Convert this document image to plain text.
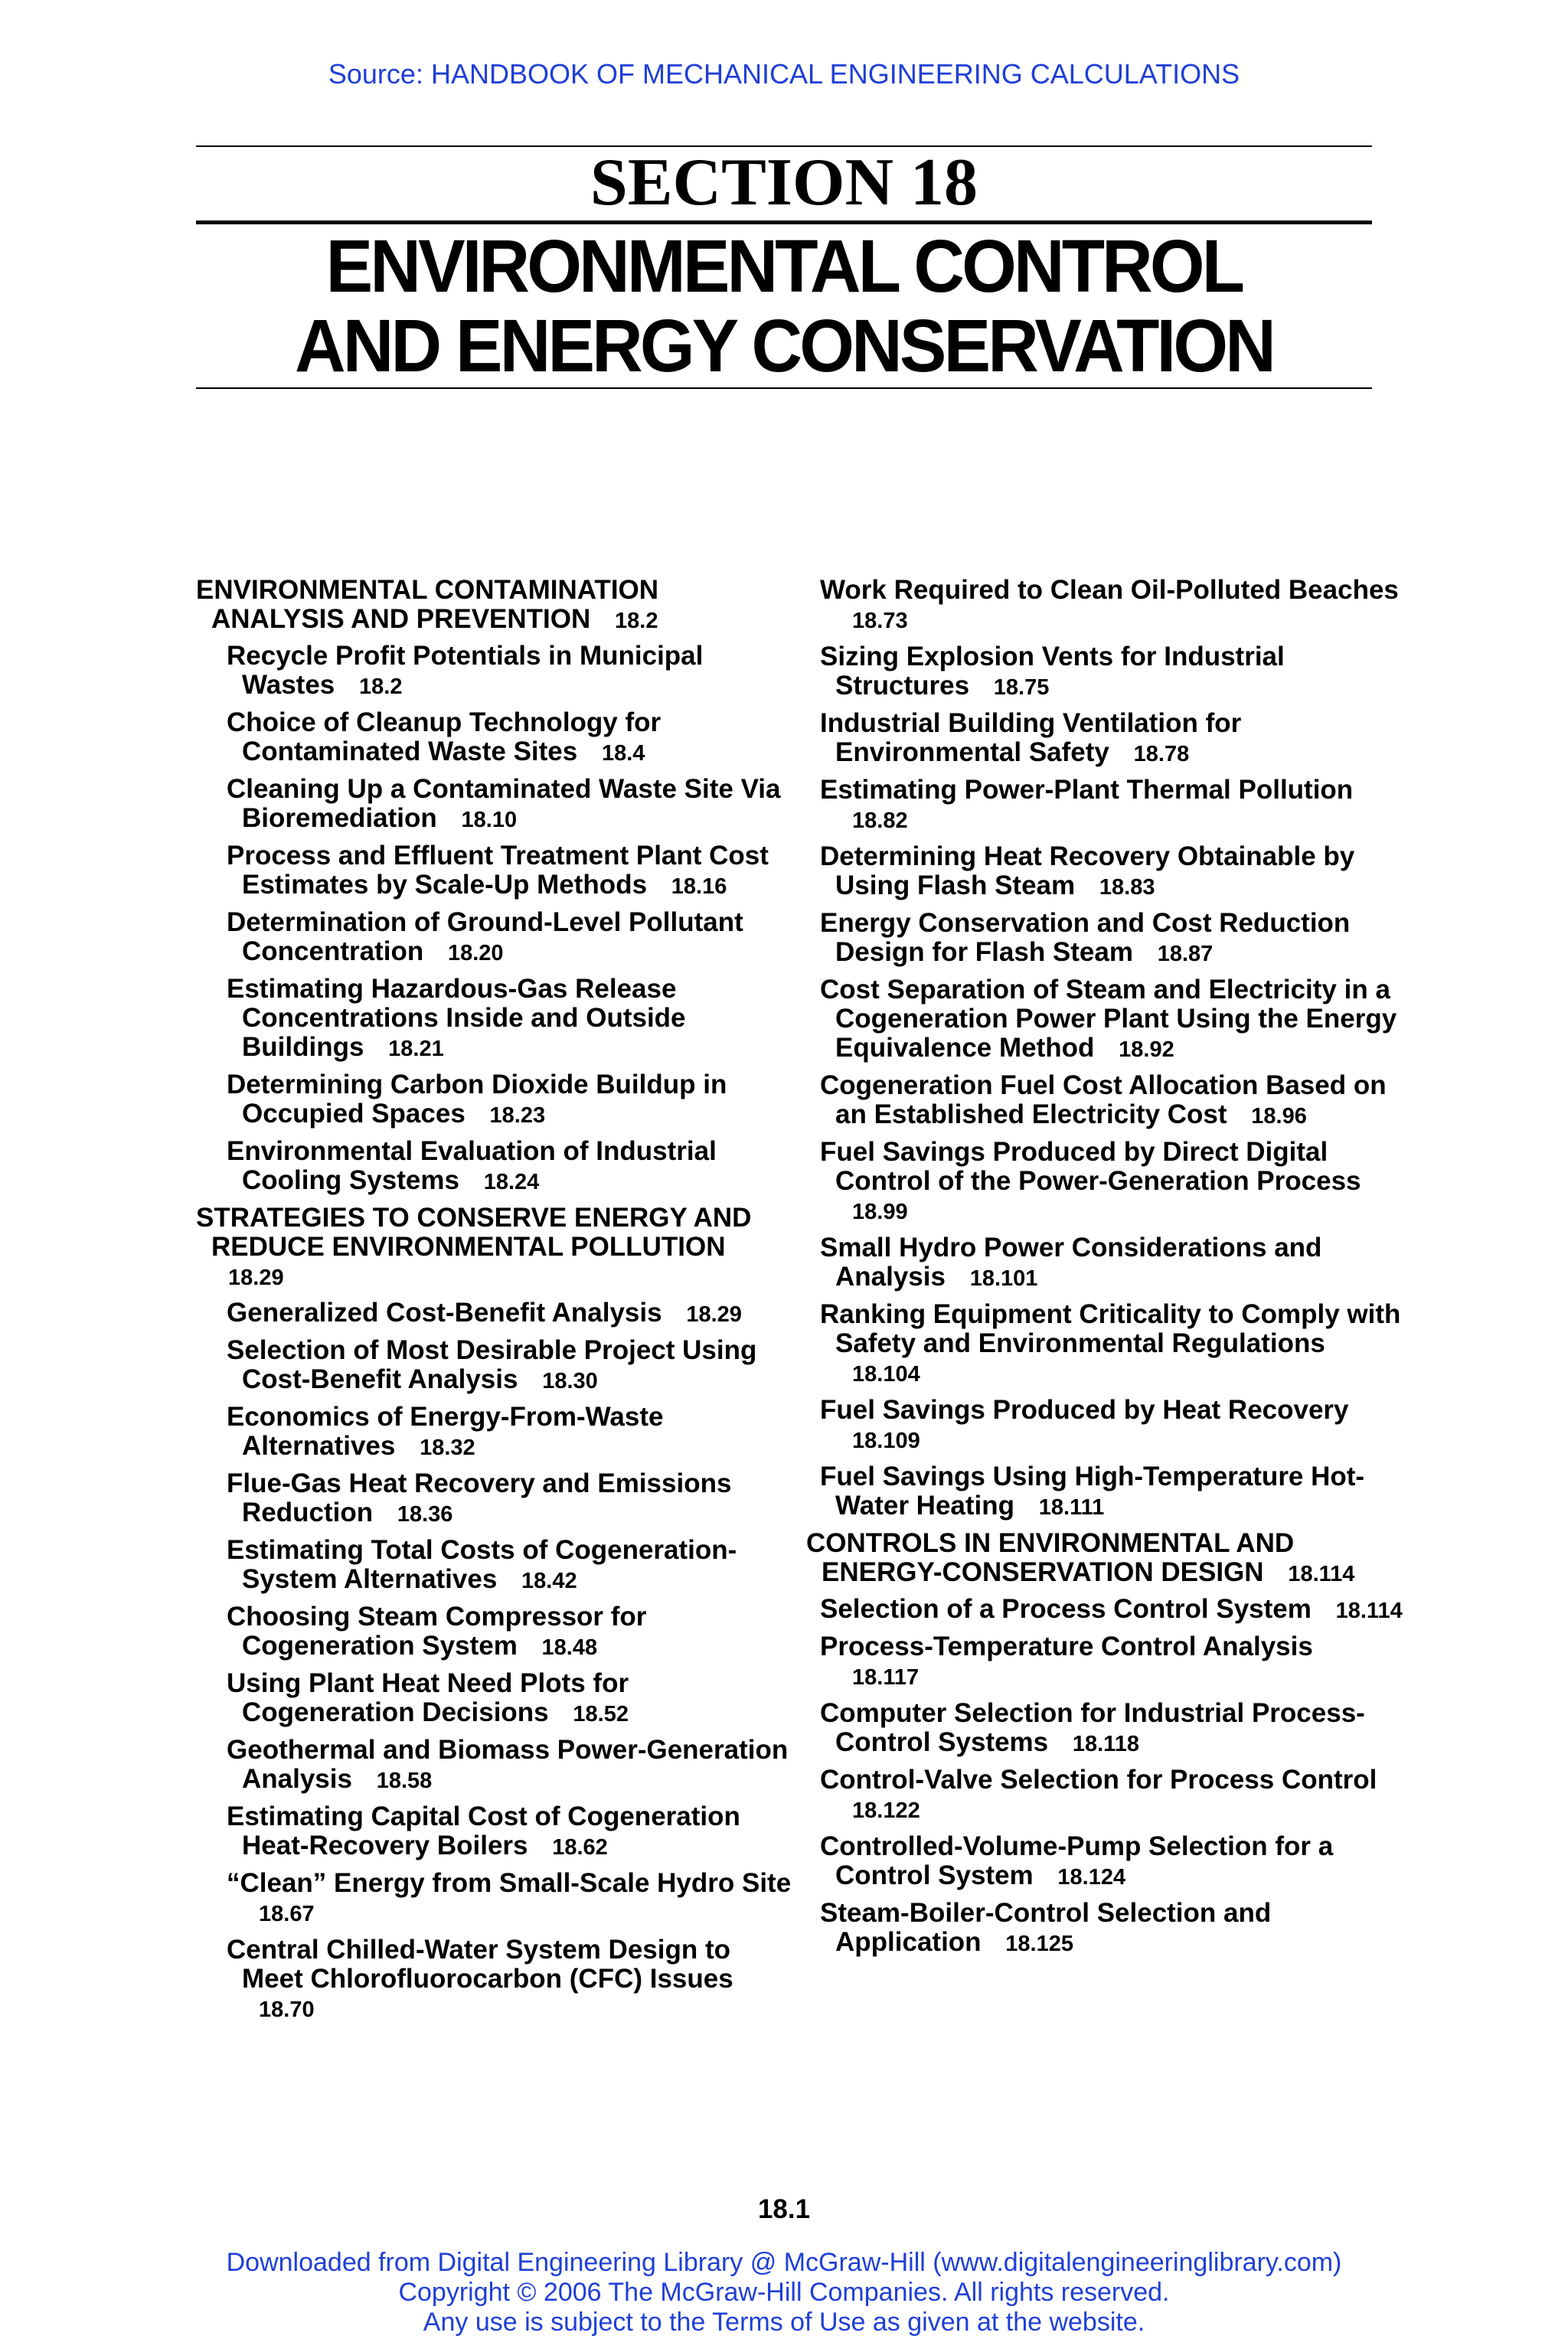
Source: HANDBOOK OF MECHANICAL ENGINEERING CALCULATIONS
SECTION 18
ENVIRONMENTAL CONTROL
AND ENERGY CONSERVATION
ENVIRONMENTAL CONTAMINATION ANALYSIS AND PREVENTION 18.2
Recycle Profit Potentials in Municipal Wastes 18.2
Choice of Cleanup Technology for Contaminated Waste Sites 18.4
Cleaning Up a Contaminated Waste Site Via Bioremediation 18.10
Process and Effluent Treatment Plant Cost Estimates by Scale-Up Methods 18.16
Determination of Ground-Level Pollutant Concentration 18.20
Estimating Hazardous-Gas Release Concentrations Inside and Outside Buildings 18.21
Determining Carbon Dioxide Buildup in Occupied Spaces 18.23
Environmental Evaluation of Industrial Cooling Systems 18.24
STRATEGIES TO CONSERVE ENERGY AND REDUCE ENVIRONMENTAL POLLUTION 18.29
Generalized Cost-Benefit Analysis 18.29
Selection of Most Desirable Project Using Cost-Benefit Analysis 18.30
Economics of Energy-From-Waste Alternatives 18.32
Flue-Gas Heat Recovery and Emissions Reduction 18.36
Estimating Total Costs of Cogeneration-System Alternatives 18.42
Choosing Steam Compressor for Cogeneration System 18.48
Using Plant Heat Need Plots for Cogeneration Decisions 18.52
Geothermal and Biomass Power-Generation Analysis 18.58
Estimating Capital Cost of Cogeneration Heat-Recovery Boilers 18.62
“Clean” Energy from Small-Scale Hydro Site 18.67
Central Chilled-Water System Design to Meet Chlorofluorocarbon (CFC) Issues 18.70
Work Required to Clean Oil-Polluted Beaches 18.73
Sizing Explosion Vents for Industrial Structures 18.75
Industrial Building Ventilation for Environmental Safety 18.78
Estimating Power-Plant Thermal Pollution 18.82
Determining Heat Recovery Obtainable by Using Flash Steam 18.83
Energy Conservation and Cost Reduction Design for Flash Steam 18.87
Cost Separation of Steam and Electricity in a Cogeneration Power Plant Using the Energy Equivalence Method 18.92
Cogeneration Fuel Cost Allocation Based on an Established Electricity Cost 18.96
Fuel Savings Produced by Direct Digital Control of the Power-Generation Process 18.99
Small Hydro Power Considerations and Analysis 18.101
Ranking Equipment Criticality to Comply with Safety and Environmental Regulations 18.104
Fuel Savings Produced by Heat Recovery 18.109
Fuel Savings Using High-Temperature Hot-Water Heating 18.111
CONTROLS IN ENVIRONMENTAL AND ENERGY-CONSERVATION DESIGN 18.114
Selection of a Process Control System 18.114
Process-Temperature Control Analysis 18.117
Computer Selection for Industrial Process-Control Systems 18.118
Control-Valve Selection for Process Control 18.122
Controlled-Volume-Pump Selection for a Control System 18.124
Steam-Boiler-Control Selection and Application 18.125
18.1
Downloaded from Digital Engineering Library @ McGraw-Hill (www.digitalengineeringlibrary.com)
Copyright © 2006 The McGraw-Hill Companies. All rights reserved.
Any use is subject to the Terms of Use as given at the website.
